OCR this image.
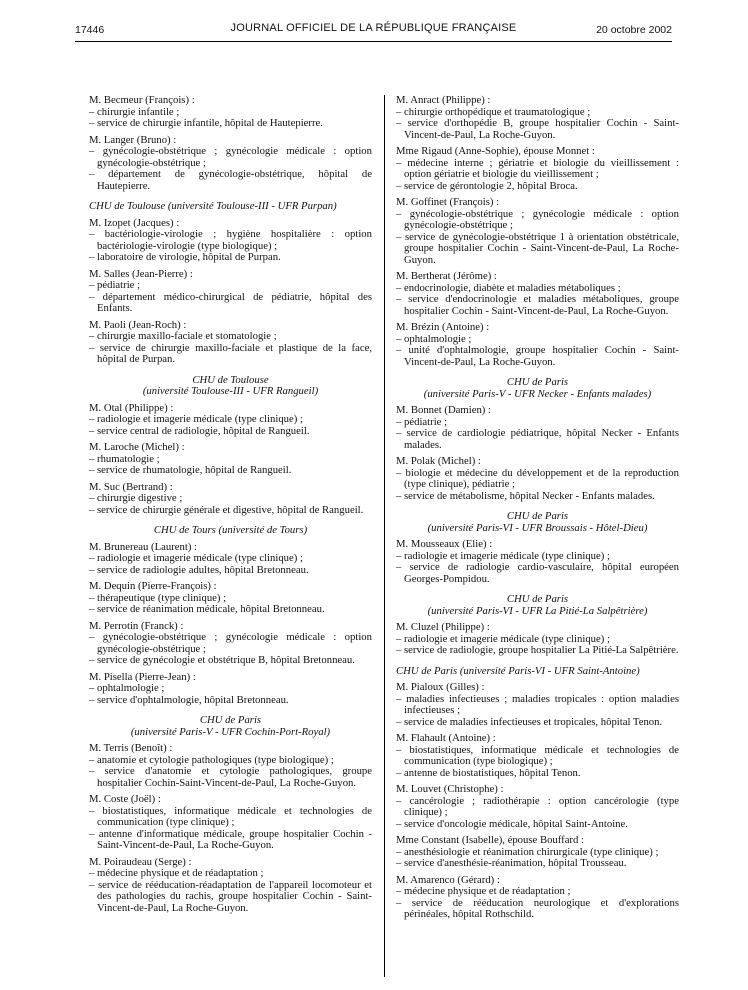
17446	JOURNAL OFFICIEL DE LA RÉPUBLIQUE FRANÇAISE	20 octobre 2002
M. Becmeur (François) :
– chirurgie infantile ;
– service de chirurgie infantile, hôpital de Hautepierre.
M. Langer (Bruno) :
– gynécologie-obstétrique ; gynécologie médicale : option gynécologie-obstétrique ;
– département de gynécologie-obstétrique, hôpital de Hautepierre.
CHU de Toulouse (université Toulouse-III - UFR Purpan)
M. Izopet (Jacques) :
– bactériologie-virologie ; hygiène hospitalière : option bactériologie-virologie (type biologique) ;
– laboratoire de virologie, hôpital de Purpan.
M. Salles (Jean-Pierre) :
– pédiatrie ;
– département médico-chirurgical de pédiatrie, hôpital des Enfants.
M. Paoli (Jean-Roch) :
– chirurgie maxillo-faciale et stomatologie ;
– service de chirurgie maxillo-faciale et plastique de la face, hôpital de Purpan.
CHU de Toulouse
(université Toulouse-III - UFR Rangueil)
M. Otal (Philippe) :
– radiologie et imagerie médicale (type clinique) ;
– service central de radiologie, hôpital de Rangueil.
M. Laroche (Michel) :
– rhumatologie ;
– service de rhumatologie, hôpital de Rangueil.
M. Suc (Bertrand) :
– chirurgie digestive ;
– service de chirurgie générale et digestive, hôpital de Rangueil.
CHU de Tours (université de Tours)
M. Brunereau (Laurent) :
– radiologie et imagerie médicale (type clinique) ;
– service de radiologie adultes, hôpital Bretonneau.
M. Dequin (Pierre-François) :
– thérapeutique (type clinique) ;
– service de réanimation médicale, hôpital Bretonneau.
M. Perrotin (Franck) :
– gynécologie-obstétrique ; gynécologie médicale : option gynécologie-obstétrique ;
– service de gynécologie et obstétrique B, hôpital Bretonneau.
M. Pisella (Pierre-Jean) :
– ophtalmologie ;
– service d'ophtalmologie, hôpital Bretonneau.
CHU de Paris
(université Paris-V - UFR Cochin-Port-Royal)
M. Terris (Benoît) :
– anatomie et cytologie pathologiques (type biologique) ;
– service d'anatomie et cytologie pathologiques, groupe hospitalier Cochin-Saint-Vincent-de-Paul, La Roche-Guyon.
M. Coste (Joël) :
– biostatistiques, informatique médicale et technologies de communication (type clinique) ;
– antenne d'informatique médicale, groupe hospitalier Cochin - Saint-Vincent-de-Paul, La Roche-Guyon.
M. Poiraudeau (Serge) :
– médecine physique et de réadaptation ;
– service de rééducation-réadaptation de l'appareil locomoteur et des pathologies du rachis, groupe hospitalier Cochin - Saint-Vincent-de-Paul, La Roche-Guyon.
M. Anract (Philippe) :
– chirurgie orthopédique et traumatologique ;
– service d'orthopédie B, groupe hospitalier Cochin - Saint-Vincent-de-Paul, La Roche-Guyon.
Mme Rigaud (Anne-Sophie), épouse Monnet :
– médecine interne ; gériatrie et biologie du vieillissement : option gériatrie et biologie du vieillissement ;
– service de gérontologie 2, hôpital Broca.
M. Goffinet (François) :
– gynécologie-obstétrique ; gynécologie médicale : option gynécologie-obstétrique ;
– service de gynécologie-obstétrique 1 à orientation obstétricale, groupe hospitalier Cochin - Saint-Vincent-de-Paul, La Roche-Guyon.
M. Bertherat (Jérôme) :
– endocrinologie, diabète et maladies métaboliques ;
– service d'endocrinologie et maladies métaboliques, groupe hospitalier Cochin - Saint-Vincent-de-Paul, La Roche-Guyon.
M. Brézin (Antoine) :
– ophtalmologie ;
– unité d'ophtalmologie, groupe hospitalier Cochin - Saint-Vincent-de-Paul, La Roche-Guyon.
CHU de Paris
(université Paris-V - UFR Necker - Enfants malades)
M. Bonnet (Damien) :
– pédiatrie ;
– service de cardiologie pédiatrique, hôpital Necker - Enfants malades.
M. Polak (Michel) :
– biologie et médecine du développement et de la reproduction (type clinique), pédiatrie ;
– service de métabolisme, hôpital Necker - Enfants malades.
CHU de Paris
(université Paris-VI - UFR Broussais - Hôtel-Dieu)
M. Mousseaux (Elie) :
– radiologie et imagerie médicale (type clinique) ;
– service de radiologie cardio-vasculaire, hôpital européen Georges-Pompidou.
CHU de Paris
(université Paris-VI - UFR La Pitié-La Salpêtrière)
M. Cluzel (Philippe) :
– radiologie et imagerie médicale (type clinique) ;
– service de radiologie, groupe hospitalier La Pitié-La Salpêtrière.
CHU de Paris (université Paris-VI - UFR Saint-Antoine)
M. Pialoux (Gilles) :
– maladies infectieuses ; maladies tropicales : option maladies infectieuses ;
– service de maladies infectieuses et tropicales, hôpital Tenon.
M. Flahault (Antoine) :
– biostatistiques, informatique médicale et technologies de communication (type biologique) ;
– antenne de biostatistiques, hôpital Tenon.
M. Louvet (Christophe) :
– cancérologie ; radiothérapie : option cancérologie (type clinique) ;
– service d'oncologie médicale, hôpital Saint-Antoine.
Mme Constant (Isabelle), épouse Bouffard :
– anesthésiologie et réanimation chirurgicale (type clinique) ;
– service d'anesthésie-réanimation, hôpital Trousseau.
M. Amarenco (Gérard) :
– médecine physique et de réadaptation ;
– service de rééducation neurologique et d'explorations périnéales, hôpital Rothschild.
